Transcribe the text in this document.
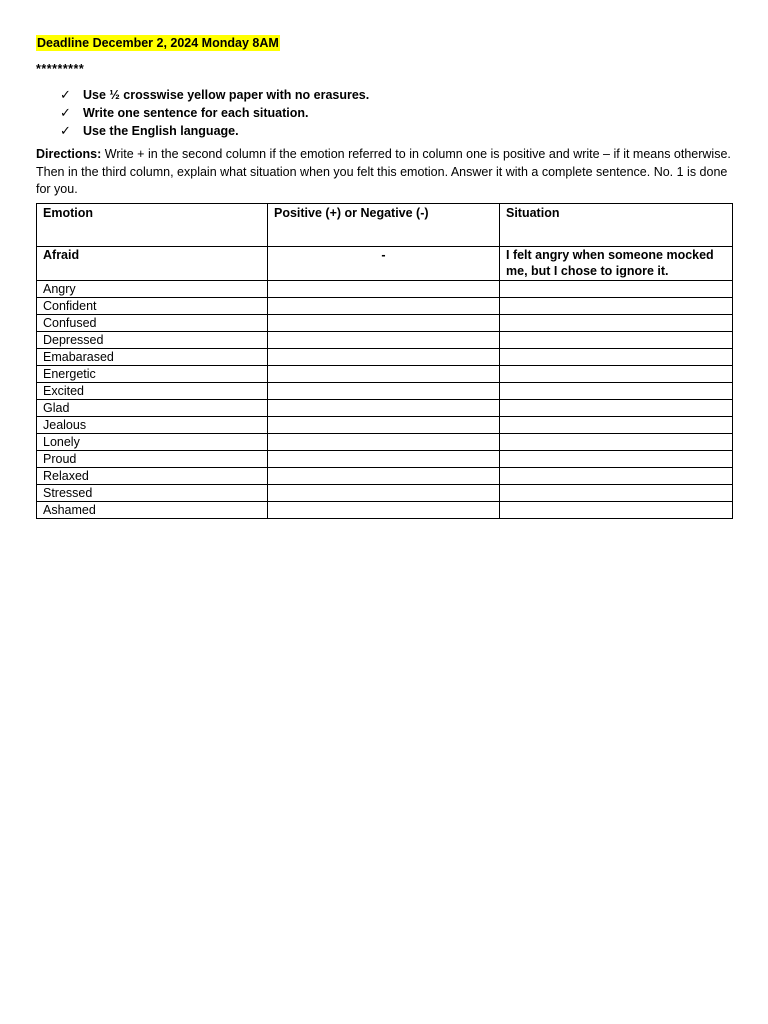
Deadline December 2, 2024 Monday 8AM
*********
✓ Use ½ crosswise yellow paper with no erasures.
✓ Write one sentence for each situation.
✓ Use the English language.
Directions: Write + in the second column if the emotion referred to in column one is positive and write – if it means otherwise. Then in the third column, explain what situation when you felt this emotion. Answer it with a complete sentence. No. 1 is done for you.
Emotion	Positive (+) or Negative (-)	Situation
Afraid	-	I felt angry when someone mocked me, but I chose to ignore it.
Angry		
Confident		
Confused		
Depressed		
Emabarased		
Energetic		
Excited		
Glad		
Jealous		
Lonely		
Proud		
Relaxed		
Stressed		
Ashamed		
